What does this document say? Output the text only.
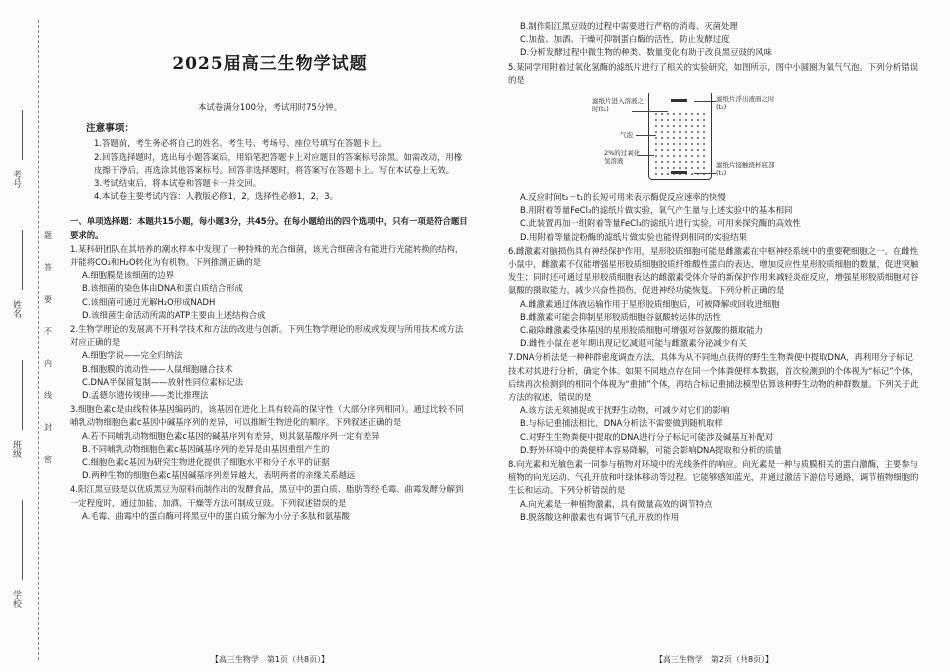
考号
姓名
班级
学校
题
答
要
不
内
线
封
密
2025届高三生物学试题
本试卷满分100分，考试用时75分钟。
注意事项：
1.答题前，考生务必将自己的姓名、考生号、考场号、座位号填写在答题卡上。
2.回答选择题时，选出每小题答案后，用铅笔把答题卡上对应题目的答案标号涂黑。如需改动，用橡皮擦干净后，再选涂其他答案标号。回答非选择题时，将答案写在答题卡上。写在本试卷上无效。
3.考试结束后，将本试卷和答题卡一并交回。
4.本试卷主要考试内容：人教版必修1，2，选择性必修1，2，3。
一、单项选择题：本题共15小题，每小题3分，共45分。在每小题给出的四个选项中，只有一项是符合题目要求的。
1.某科研团队在其培养的潮水样本中发现了一种特殊的光合细菌，该光合细菌含有能进行光能转换的结构，并能将CO₂和H₂O转化为有机物。下列推测正确的是
A.细胞膜是该细菌的边界
B.该细菌的染色体由DNA和蛋白质结合形成
C.该细菌可通过光解H₂O形成NADH
D.该细菌生命活动所需的ATP主要由上述结构合成
2.生物学理论的发展离不开科学技术和方法的改进与创新。下列生物学理论的形成或发现与所用技术或方法对应正确的是
A.细胞学说——完全归纳法
B.细胞膜的流动性——人鼠细胞融合技术
C.DNA半保留复制——放射性同位素标记法
D.孟德尔遗传规律——类比推理法
3.细胞色素c是由线粒体基因编码的，该基因在进化上具有较高的保守性（大部分序列相同）。通过比较不同哺乳动物细胞色素c基因中碱基序列的差异，可以推断生物进化的顺序。下列叙述正确的是
A.若不同哺乳动物细胞色素c基因的碱基序列有差异，则其氨基酸序列一定有差异
B.不同哺乳动物细胞色素c基因碱基序列的差异是由基因重组产生的
C.细胞色素c基因为研究生物进化提供了细胞水平和分子水平的证据
D.两种生物的细胞色素c基因碱基序列差异越大，表明两者的亲缘关系越远
4.阳江黑豆豉是以优质黑豆为原料而制作出的发酵食品，黑豆中的蛋白质、脂肪等经毛霉、曲霉发酵分解到一定程度时，通过加盐、加酒、干燥等方法可制成豆豉。下列叙述错误的是
A.毛霉、曲霉中的蛋白酶可将黑豆中的蛋白质分解为小分子多肽和氨基酸
【高三生物学　第1页（共8页）】
B.制作阳江黑豆豉的过程中需要进行严格的消毒、灭菌处理
C.加盐、加酒、干燥可抑制蛋白酶的活性，防止发酵过度
D.分析发酵过程中微生物的种类、数量变化有助于改良黑豆豉的风味
5.某同学用附着过氧化氢酶的滤纸片进行了相关的实验研究，如图所示，图中小圆圈为氧气气泡。下列分析错误的是
滤纸片进入溶液之时(t₁)
气泡
2%的过氧化氢溶液
滤纸片浮出液面之时(t₂)
滤纸片接触烧杯底部(t₁)
A.反应时间t₂－t₁的长短可用来表示酶促反应速率的快慢
B.用附着等量FeCl₃的滤纸片做实验，氧气产生量与上述实验中的基本相同
C.此装置再加一组附着等量FeCl₃的滤纸片进行实验，可用来探究酶的高效性
D.用附着等量淀粉酶的滤纸片做实验也能得到相同的实验结果
6.雌激素对脑损伤具有神经保护作用，星形胶质细胞可能是雌激素在中枢神经系统中的重要靶细胞之一。在雌性小鼠中，雌激素不仅能增强星形胶质细胞胶质纤维酸性蛋白的表达，增加反应性星形胶质细胞的数量，促进突触发生；同时还可通过星形胶质细胞表达的雌激素受体介导的新保护作用来减轻炎症反应，增强星形胶质细胞对谷氨酸的摄取能力，减少兴奋性损伤，促进神经功能恢复。下列分析正确的是
A.雌激素通过体液运输作用于星形胶质细胞后，可被降解或回收进细胞
B.雌激素可能会抑制星形胶质细胞谷氨酸转运体的活性
C.敲除雌激素受体基因的星形胶质细胞可增强对谷氨酸的摄取能力
D.雌性小鼠在老年期出现记忆减退可能与雌激素分泌减少有关
7.DNA分析法是一种种群密度调查方法，具体为从不同地点获得的野生生物粪便中提取DNA，再利用分子标记技术对其进行分析，确定个体。如果不同地点存在同一个体粪便样本数据，首次检测到的个体视为“标记”个体，后续再次检测到的相同个体视为“重捕”个体，再结合标记重捕法模型估算该种野生动物的种群数量。下列关于此方法的叙述，错误的是
A.该方法无须捕捉或干扰野生动物，可减少对它们的影响
B.与标记重捕法相比，DNA分析法不需要做到随机取样
C.对野生生物粪便中提取的DNA进行分子标记可能涉及碱基互补配对
D.野外环境中的粪便样本容易降解，可能会影响DNA提取和分析的质量
8.向光素和光敏色素一同参与植物对环境中的光线条件的响应。向光素是一种与质膜相关的蛋白激酶，主要参与植物的向光运动、气孔开放和叶绿体移动等过程。它能够感知蓝光，并通过激活下游信号通路，调节植物细胞的生长和运动。下列分析错误的是
A.向光素是一种植物激素，具有微量高效的调节特点
B.脱落酸这种激素也有调节气孔开放的作用
【高三生物学　第2页（共8页）】
